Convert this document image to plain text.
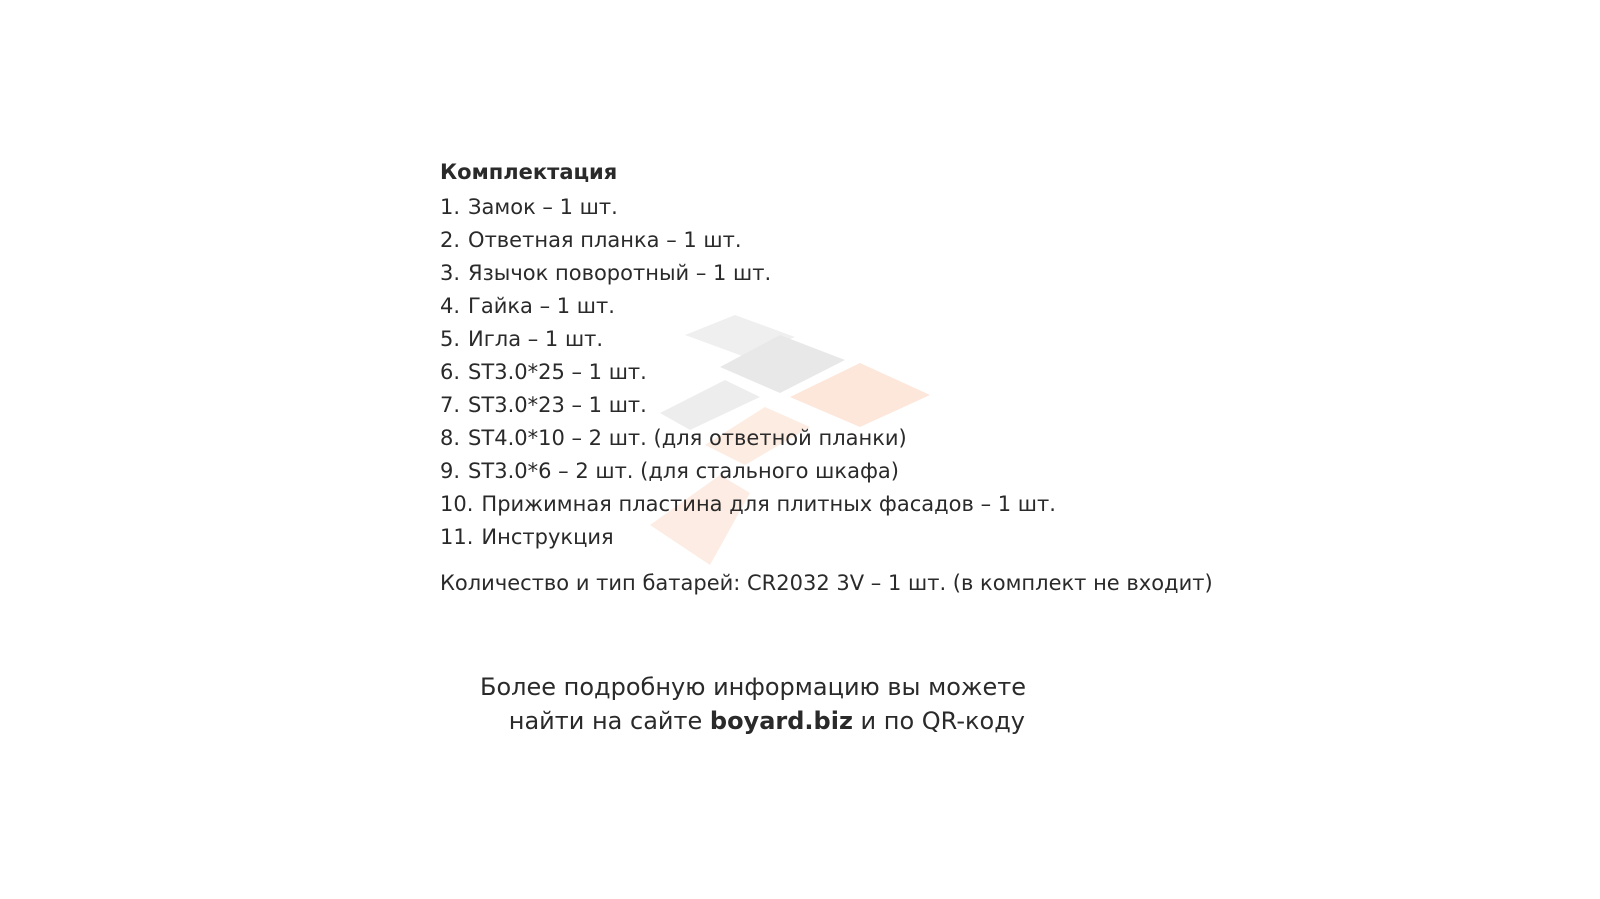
Комплектация
1. Замок – 1 шт.
2. Ответная планка – 1 шт.
3. Язычок поворотный – 1 шт.
4. Гайка – 1 шт.
5. Игла – 1 шт.
6. ST3.0*25 – 1 шт.
7. ST3.0*23 – 1 шт.
8. ST4.0*10 – 2 шт. (для ответной планки)
9. ST3.0*6 – 2 шт. (для стального шкафа)
10. Прижимная пластина для плитных фасадов – 1 шт.
11. Инструкция
Количество и тип батарей: CR2032 3V – 1 шт. (в комплект не входит)
Более подробную информацию вы можете
найти на сайте boyard.biz и по QR-коду
